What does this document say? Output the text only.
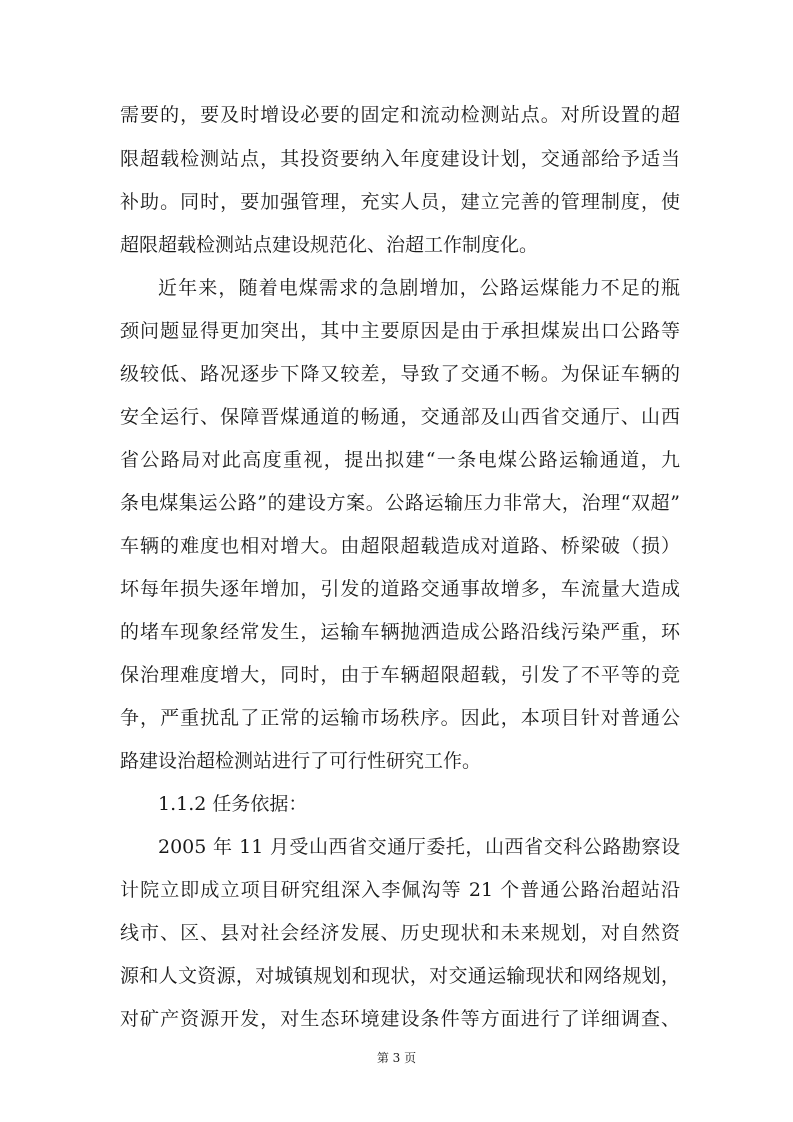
需要的，要及时增设必要的固定和流动检测站点。对所设置的超
限超载检测站点，其投资要纳入年度建设计划，交通部给予适当
补助。同时，要加强管理，充实人员，建立完善的管理制度，使
超限超载检测站点建设规范化、治超工作制度化。
近年来，随着电煤需求的急剧增加，公路运煤能力不足的瓶
颈问题显得更加突出，其中主要原因是由于承担煤炭出口公路等
级较低、路况逐步下降又较差，导致了交通不畅。为保证车辆的
安全运行、保障晋煤通道的畅通，交通部及山西省交通厅、山西
省公路局对此高度重视，提出拟建“一条电煤公路运输通道，九
条电煤集运公路”的建设方案。公路运输压力非常大，治理“双超”
车辆的难度也相对增大。由超限超载造成对道路、桥梁破（损）
坏每年损失逐年增加，引发的道路交通事故增多，车流量大造成
的堵车现象经常发生，运输车辆抛洒造成公路沿线污染严重，环
保治理难度增大，同时，由于车辆超限超载，引发了不平等的竞
争，严重扰乱了正常的运输市场秩序。因此，本项目针对普通公
路建设治超检测站进行了可行性研究工作。
1.1.2 任务依据：
2005 年 11 月受山西省交通厅委托，山西省交科公路勘察设
计院立即成立项目研究组深入李佩沟等 21 个普通公路治超站沿
线市、区、县对社会经济发展、历史现状和未来规划，对自然资
源和人文资源，对城镇规划和现状，对交通运输现状和网络规划，
对矿产资源开发，对生态环境建设条件等方面进行了详细调查、
第 3 页
